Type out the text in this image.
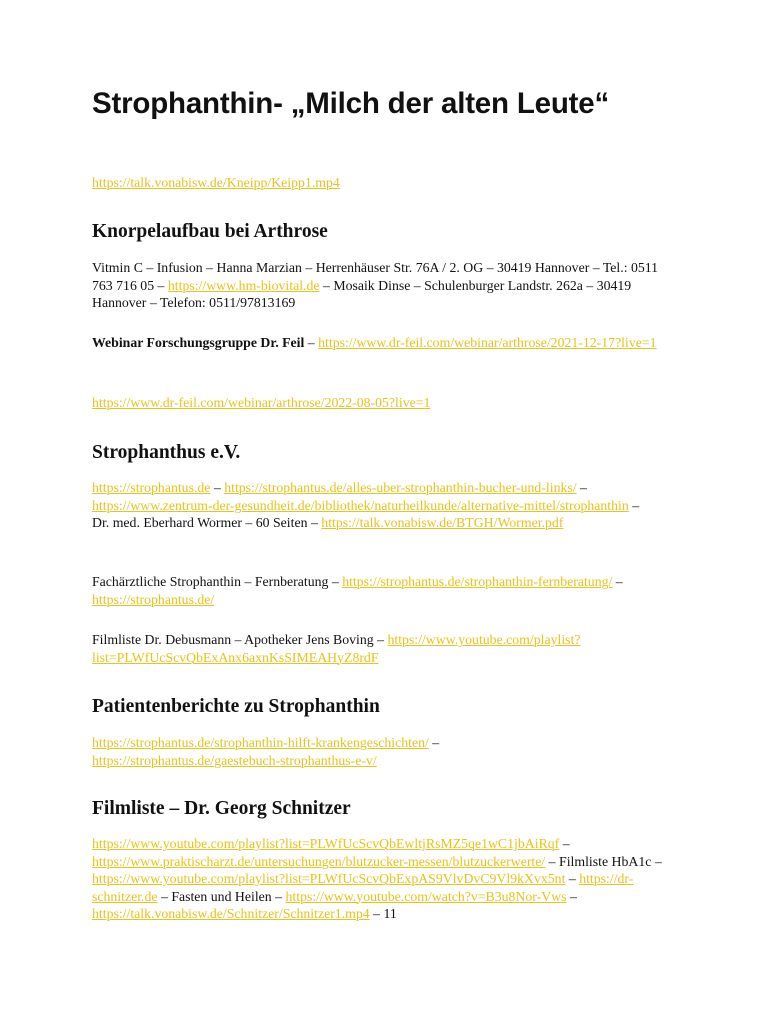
Strophanthin- „Milch der alten Leute“

https://talk.vonabisw.de/Kneipp/Keipp1.mp4

Knorpelaufbau bei Arthrose

Vitmin C – Infusion – Hanna Marzian – Herrenhäuser Str. 76A / 2. OG – 30419 Hannover – Tel.: 0511 763 716 05 – https://www.hm-biovital.de – Mosaik Dinse – Schulenburger Landstr. 262a – 30419 Hannover – Telefon: 0511/97813169

Webinar Forschungsgruppe Dr. Feil – https://www.dr-feil.com/webinar/arthrose/2021-12-17?live=1

https://www.dr-feil.com/webinar/arthrose/2022-08-05?live=1

Strophanthus e.V.

https://strophantus.de – https://strophantus.de/alles-uber-strophanthin-bucher-und-links/ – https://www.zentrum-der-gesundheit.de/bibliothek/naturheilkunde/alternative-mittel/strophanthin – Dr. med. Eberhard Wormer – 60 Seiten – https://talk.vonabisw.de/BTGH/Wormer.pdf

Fachärztliche Strophanthin – Fernberatung – https://strophantus.de/strophanthin-fernberatung/ – https://strophantus.de/

Filmliste Dr. Debusmann – Apotheker Jens Boving – https://www.youtube.com/playlist?list=PLWfUcScvQbExAnx6axnKsSIMEAHyZ8rdF

Patientenberichte zu Strophanthin

https://strophantus.de/strophanthin-hilft-krankengeschichten/ – https://strophantus.de/gaestebuch-strophanthus-e-v/

Filmliste – Dr. Georg Schnitzer

https://www.youtube.com/playlist?list=PLWfUcScvQbEwltjRsMZ5qe1wC1jbAiRqf – https://www.praktischarzt.de/untersuchungen/blutzucker-messen/blutzuckerwerte/ – Filmliste HbA1c – https://www.youtube.com/playlist?list=PLWfUcScvQbExpAS9VlvDvC9Vl9kXvx5nt – https://dr-schnitzer.de – Fasten und Heilen – https://www.youtube.com/watch?v=B3u8Nor-Vws – https://talk.vonabisw.de/Schnitzer/Schnitzer1.mp4 – 11
